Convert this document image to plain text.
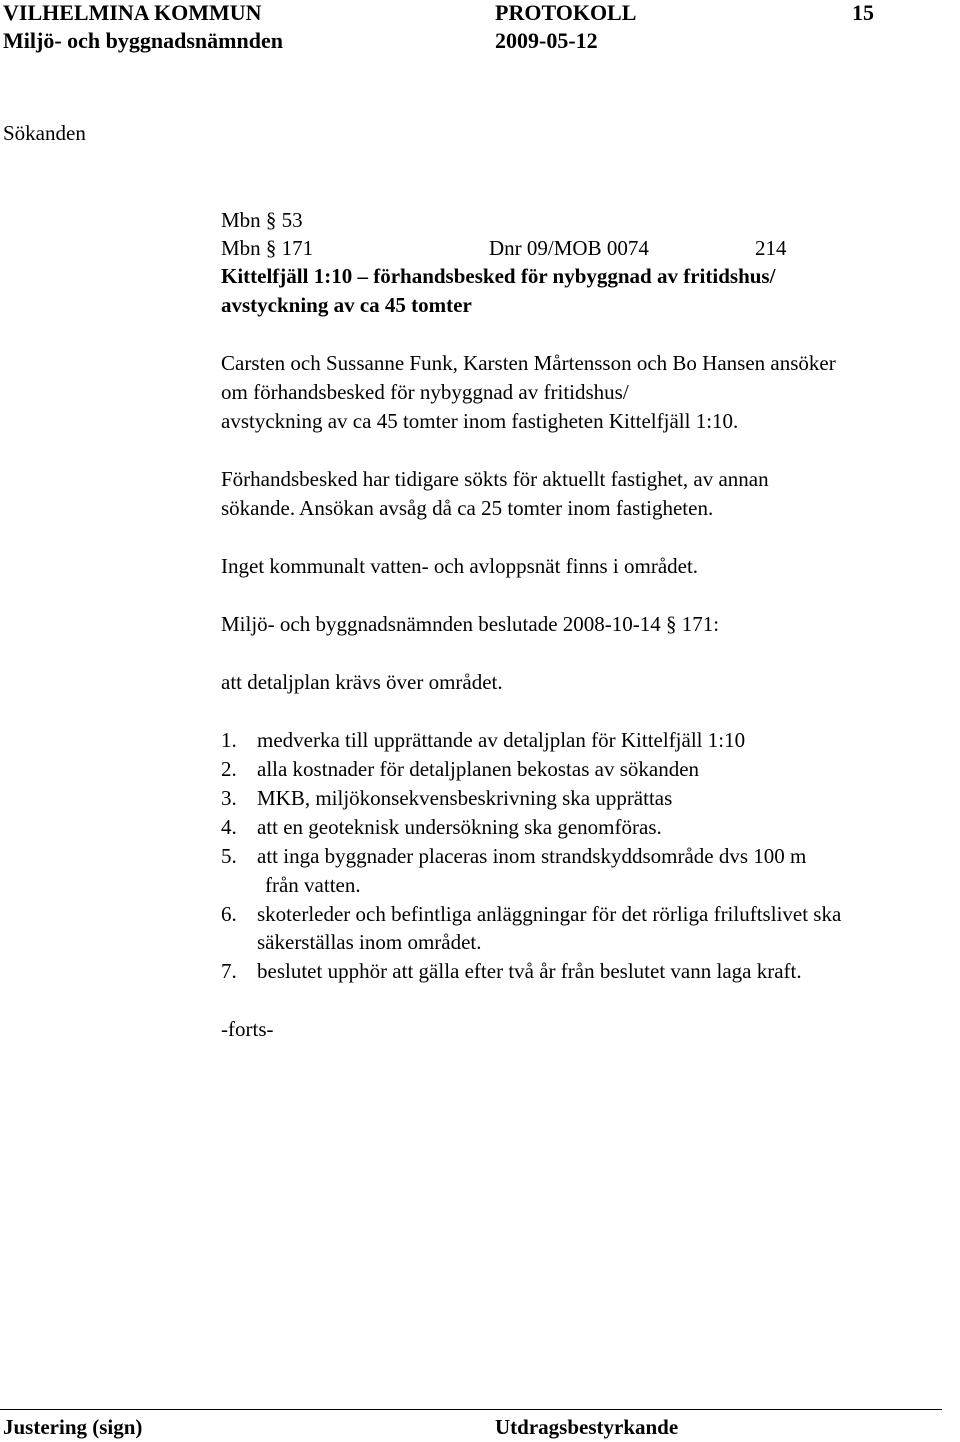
VILHELMINA KOMMUN	PROTOKOLL	15
Miljö- och byggnadsnämnden	2009-05-12
Sökanden
Mbn § 53
Mbn § 171	Dnr 09/MOB 0074	214
Kittelfjäll 1:10 – förhandsbesked för nybyggnad av fritidshus/
avstyckning av ca 45 tomter
Carsten och Sussanne Funk, Karsten Mårtensson och Bo Hansen ansöker
om förhandsbesked för nybyggnad av fritidshus/
avstyckning av ca 45 tomter inom fastigheten Kittelfjäll 1:10.
Förhandsbesked har tidigare sökts för aktuellt fastighet, av annan
sökande. Ansökan avsåg då ca 25 tomter inom fastigheten.
Inget kommunalt vatten- och avloppsnät finns i området.
Miljö- och byggnadsnämnden beslutade 2008-10-14 § 171:
att detaljplan krävs över området.
1. medverka till upprättande av detaljplan för Kittelfjäll 1:10
2. alla kostnader för detaljplanen bekostas av sökanden
3. MKB, miljökonsekvensbeskrivning ska upprättas
4. att en geoteknisk undersökning ska genomföras.
5. att inga byggnader placeras inom strandskyddsområde dvs 100 m
från vatten.
6. skoterleder och befintliga anläggningar för det rörliga friluftslivet ska
säkerställas inom området.
7. beslutet upphör att gälla efter två år från beslutet vann laga kraft.
-forts-
Justering (sign)	Utdragsbestyrkande
